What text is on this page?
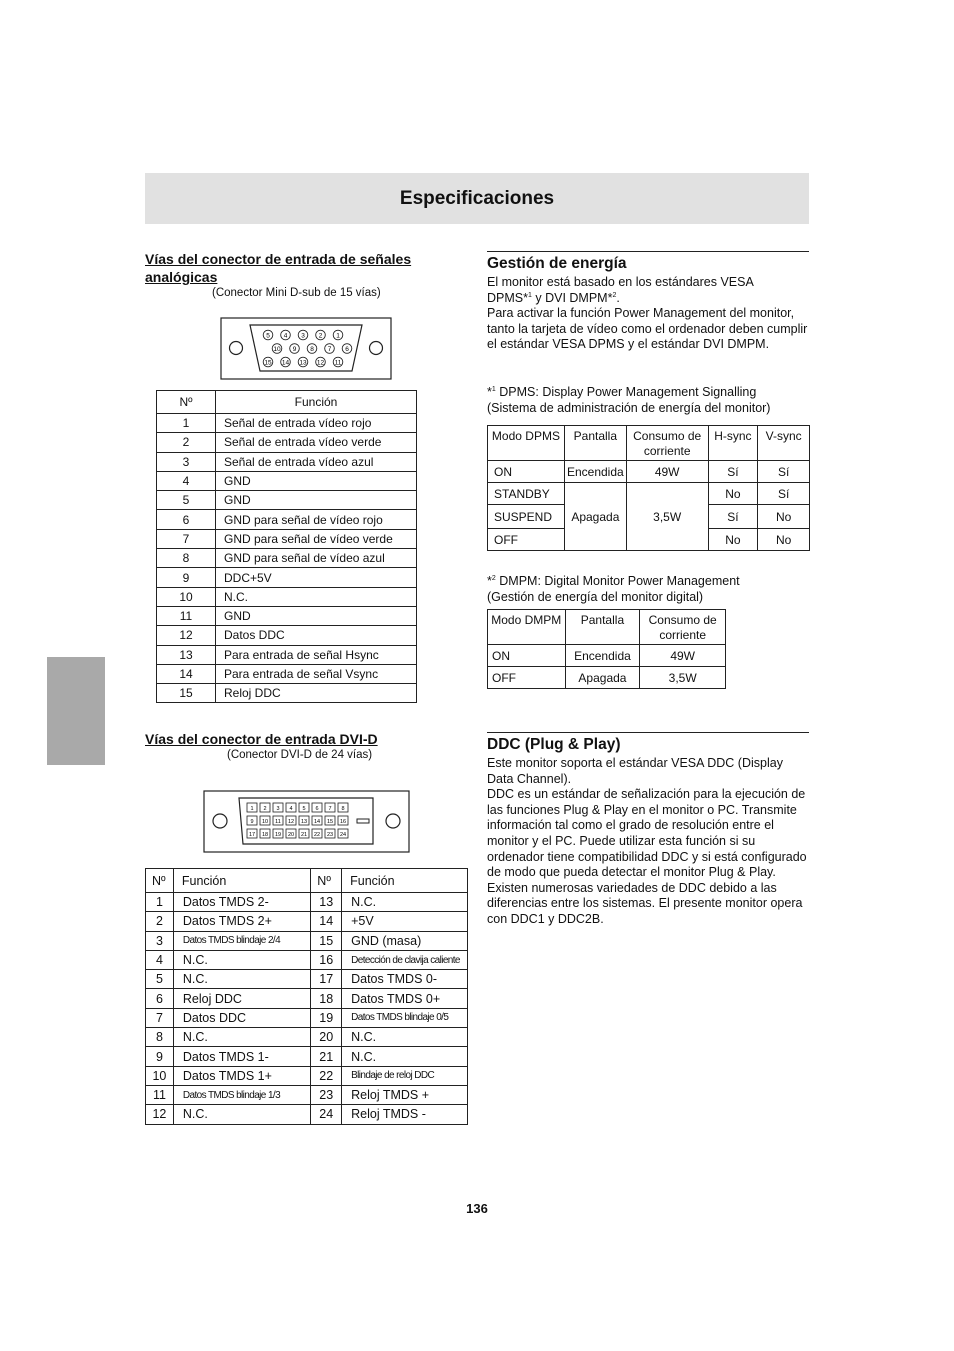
Especificaciones
Vías del conector de entrada de señales analógicas
(Conector Mini D-sub de 15 vías)
5 4 3 2 1
10 9 8 7 6
15 14 13 12 11
Nº	Función
1	Señal de entrada vídeo rojo
2	Señal de entrada vídeo verde
3	Señal de entrada vídeo azul
4	GND
5	GND
6	GND para señal de vídeo rojo
7	GND para señal de vídeo verde
8	GND para señal de vídeo azul
9	DDC+5V
10	N.C.
11	GND
12	Datos DDC
13	Para entrada de señal Hsync
14	Para entrada de señal Vsync
15	Reloj DDC
Vías del conector de entrada DVI-D
(Conector DVI-D de 24 vías)
1 2 3 4 5 6 7 8
9 10 11 12 13 14 15 16
17 18 19 20 21 22 23 24
Nº	Función	Nº	Función
1	Datos TMDS 2-	13	N.C.
2	Datos TMDS 2+	14	+5V
3	Datos TMDS blindaje 2/4	15	GND (masa)
4	N.C.	16	Detección de clavija caliente
5	N.C.	17	Datos TMDS 0-
6	Reloj DDC	18	Datos TMDS 0+
7	Datos DDC	19	Datos TMDS blindaje 0/5
8	N.C.	20	N.C.
9	Datos TMDS 1-	21	N.C.
10	Datos TMDS 1+	22	Blindaje de reloj DDC
11	Datos TMDS blindaje 1/3	23	Reloj TMDS +
12	N.C.	24	Reloj TMDS -
Gestión de energía

El monitor está basado en los estándares VESA

DPMS*$^1$ y DVI DMPM*$^2$.

Para activar la función Power Management del monitor, tanto la tarjeta de vídeo como el ordenador deben cumplir el estándar VESA DPMS y el estándar DVI DMPM.

*$^1$ DPMS: Display Power Management Signalling
(Sistema de administración de energía del monitor)
Modo DPMS	Pantalla	Consumo de corriente	H-sync	V-sync
ON	Encendida	49W	Sí	Sí
STANDBY	Apagada	3,5W	No	Sí
SUSPEND			Sí	No
OFF			No	No
*$^2$ DMPM: Digital Monitor Power Management
(Gestión de energía del monitor digital)
Modo DMPM	Pantalla	Consumo de corriente
ON	Encendida	49W
OFF	Apagada	3,5W
DDC (Plug & Play)

Este monitor soporta el estándar VESA DDC (Display Data Channel).

DDC es un estándar de señalización para la ejecución de las funciones Plug & Play en el monitor o PC. Transmite información tal como el grado de resolución entre el monitor y el PC. Puede utilizar esta función si su ordenador tiene compatibilidad DDC y si está configurado de modo que pueda detectar el monitor Plug & Play.

Existen numerosas variedades de DDC debido a las diferencias entre los sistemas. El presente monitor opera con DDC1 y DDC2B.

136
